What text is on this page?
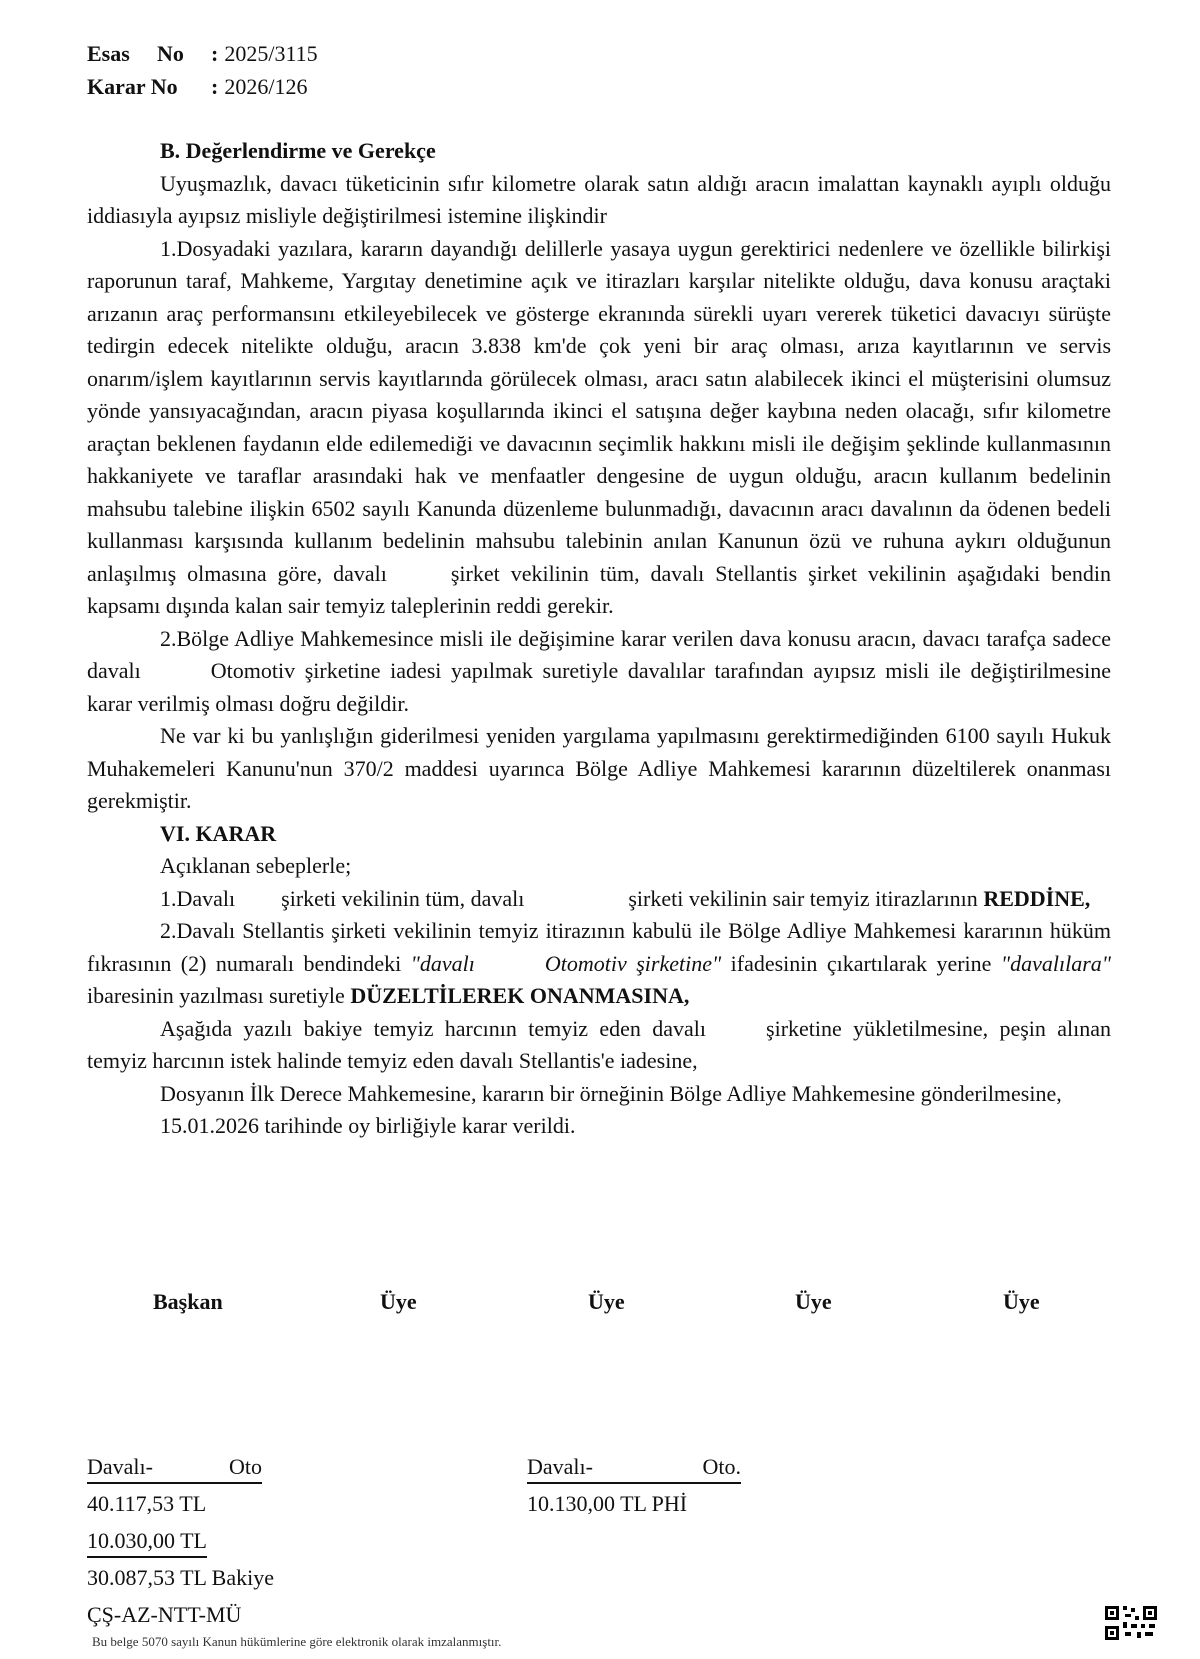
Esas No : 2025/3115
Karar No	: 2026/126

B. Değerlendirme ve Gerekçe

Uyuşmazlık, davacı tüketicinin sıfır kilometre olarak satın aldığı aracın imalattan kaynaklı ayıplı olduğu iddiasıyla ayıpsız misliyle değiştirilmesi istemine ilişkindir

1.Dosyadaki yazılara, kararın dayandığı delillerle yasaya uygun gerektirici nedenlere ve özellikle bilirkişi raporunun taraf, Mahkeme, Yargıtay denetimine açık ve itirazları karşılar nitelikte olduğu, dava konusu araçtaki arızanın araç performansını etkileyebilecek ve gösterge ekranında sürekli uyarı vererek tüketici davacıyı sürüşte tedirgin edecek nitelikte olduğu, aracın 3.838 km'de çok yeni bir araç olması, arıza kayıtlarının ve servis onarım/işlem kayıtlarının servis kayıtlarında görülecek olması, aracı satın alabilecek ikinci el müşterisini olumsuz yönde yansıyacağından, aracın piyasa koşullarında ikinci el satışına değer kaybına neden olacağı, sıfır kilometre araçtan beklenen faydanın elde edilemediği ve davacının seçimlik hakkını misli ile değişim şeklinde kullanmasının hakkaniyete ve taraflar arasındaki hak ve menfaatler dengesine de uygun olduğu, aracın kullanım bedelinin mahsubu talebine ilişkin 6502 sayılı Kanunda düzenleme bulunmadığı, davacının aracı davalının da ödenen bedeli kullanması karşısında kullanım bedelinin mahsubu talebinin anılan Kanunun özü ve ruhuna aykırı olduğunun anlaşılmış olmasına göre, davalı	şirket vekilinin tüm, davalı Stellantis şirket vekilinin aşağıdaki bendin kapsamı dışında kalan sair temyiz taleplerinin reddi gerekir.

2.Bölge Adliye Mahkemesince misli ile değişimine karar verilen dava konusu aracın, davacı tarafça sadece davalı	Otomotiv şirketine iadesi yapılmak suretiyle davalılar tarafından ayıpsız misli ile değiştirilmesine karar verilmiş olması doğru değildir.

Ne var ki bu yanlışlığın giderilmesi yeniden yargılama yapılmasını gerektirmediğinden 6100 sayılı Hukuk Muhakemeleri Kanunu'nun 370/2 maddesi uyarınca Bölge Adliye Mahkemesi kararının düzeltilerek onanması gerekmiştir.

VI. KARAR

Açıklanan sebeplerle;

1.Davalı şirketi vekilinin tüm, davalı	şirketi vekilinin sair temyiz itirazlarının REDDİNE,

2.Davalı Stellantis şirketi vekilinin temyiz itirazının kabulü ile Bölge Adliye Mahkemesi kararının hüküm fıkrasının (2) numaralı bendindeki "davalı	Otomotiv şirketine" ifadesinin çıkartılarak yerine "davalılara" ibaresinin yazılması suretiyle DÜZELTİLEREK ONANMASINA,

Aşağıda yazılı bakiye temyiz harcının temyiz eden davalı	şirketine yükletilmesine, peşin alınan temyiz harcının istek halinde temyiz eden davalı Stellantis'e iadesine,

Dosyanın İlk Derece Mahkemesine, kararın bir örneğinin Bölge Adliye Mahkemesine gönderilmesine,

15.01.2026 tarihinde oy birliğiyle karar verildi.

Başkan	Üye	Üye	Üye	Üye
Davalı-	Oto
40.117,53 TL
10.030,00 TL
30.087,53 TL Bakiye
ÇŞ-AZ-NTT-MÜ
Davalı-	Oto.
10.130,00 TL PHİ
Bu belge 5070 sayılı Kanun hükümlerine göre elektronik olarak imzalanmıştır.
